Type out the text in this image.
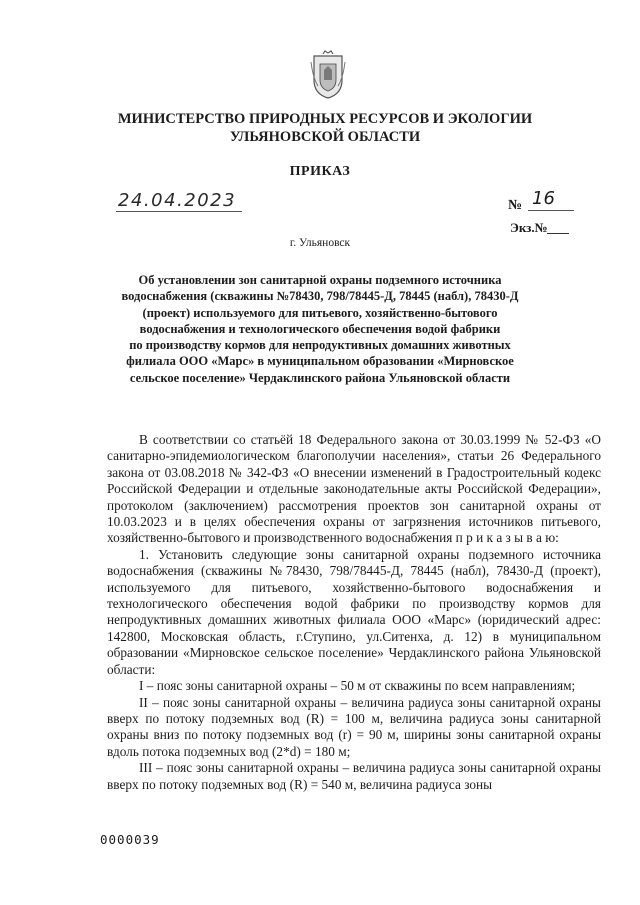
МИНИСТЕРСТВО ПРИРОДНЫХ РЕСУРСОВ И ЭКОЛОГИИ
УЛЬЯНОВСКОЙ ОБЛАСТИ
ПРИКАЗ
24.04.2023	№ 16
Экз.№
г. Ульяновск
Об установлении зон санитарной охраны подземного источника
водоснабжения (скважины №78430, 798/78445-Д, 78445 (набл), 78430-Д
(проект) используемого для питьевого, хозяйственно-бытового
водоснабжения и технологического обеспечения водой фабрики
по производству кормов для непродуктивных домашних животных
филиала ООО «Марс» в муниципальном образовании «Мирновское
сельское поселение» Чердаклинского района Ульяновской области

В соответствии со статьёй 18 Федерального закона от 30.03.1999 № 52-ФЗ «О санитарно-эпидемиологическом благополучии населения», статьи 26 Федерального закона от 03.08.2018 № 342-ФЗ «О внесении изменений в Градостроительный кодекс Российской Федерации и отдельные законодательные акты Российской Федерации», протоколом (заключением) рассмотрения проектов зон санитарной охраны от 10.03.2023 и в целях обеспечения охраны от загрязнения источников питьевого, хозяйственно-бытового и производственного водоснабжения п р и к а з ы в а ю:

1. Установить следующие зоны санитарной охраны подземного источника водоснабжения (скважины №78430, 798/78445-Д, 78445 (набл), 78430-Д (проект), используемого для питьевого, хозяйственно-бытового водоснабжения и технологического обеспечения водой фабрики по производству кормов для непродуктивных домашних животных филиала ООО «Марс» (юридический адрес: 142800, Московская область, г.Ступино, ул.Ситенха, д. 12) в муниципальном образовании «Мирновское сельское поселение» Чердаклинского района Ульяновской области:

I – пояс зоны санитарной охраны – 50 м от скважины по всем направлениям;

II – пояс зоны санитарной охраны – величина радиуса зоны санитарной охраны вверх по потоку подземных вод (R) = 100 м, величина радиуса зоны санитарной охраны вниз по потоку подземных вод (r) = 90 м, ширины зоны санитарной охраны вдоль потока подземных вод (2*d) = 180 м;

III – пояс зоны санитарной охраны – величина радиуса зоны санитарной охраны вверх по потоку подземных вод (R) = 540 м, величина радиуса зоны

0000039
